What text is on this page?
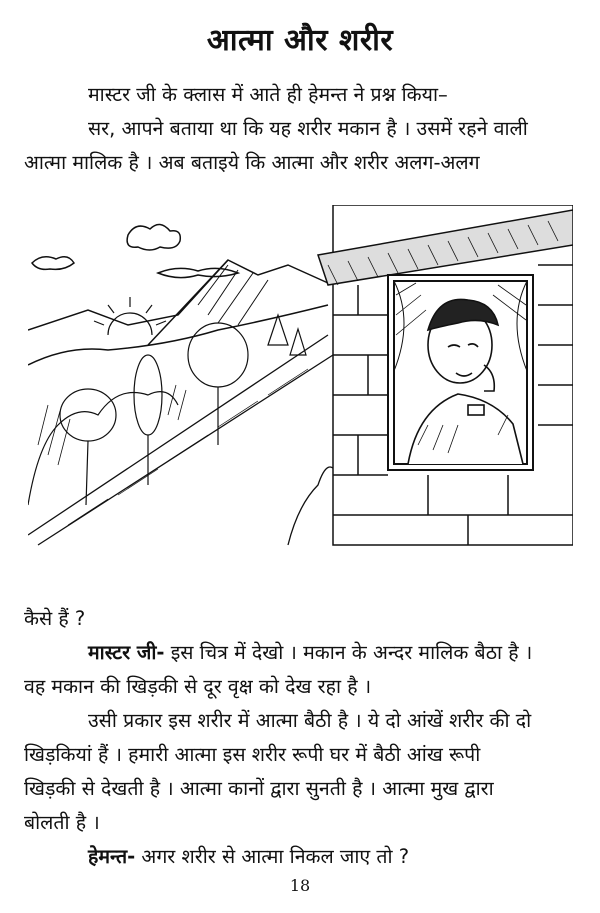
आत्मा और शरीर
मास्टर जी के क्लास में आते ही हेमन्त ने प्रश्न किया–
सर, आपने बताया था कि यह शरीर मकान है । उसमें रहने वाली
आत्मा मालिक है । अब बताइये कि आत्मा और शरीर अलग-अलग
कैसे हैं ?
मास्टर जी- इस चित्र में देखो । मकान के अन्दर मालिक बैठा है ।
वह मकान की खिड़की से दूर वृक्ष को देख रहा है ।
उसी प्रकार इस शरीर में आत्मा बैठी है । ये दो आंखें शरीर की दो
खिड़कियां हैं । हमारी आत्मा इस शरीर रूपी घर में बैठी आंख रूपी
खिड़की से देखती है । आत्मा कानों द्वारा सुनती है । आत्मा मुख द्वारा
बोलती है ।
हेमन्त- अगर शरीर से आत्मा निकल जाए तो ?
18
